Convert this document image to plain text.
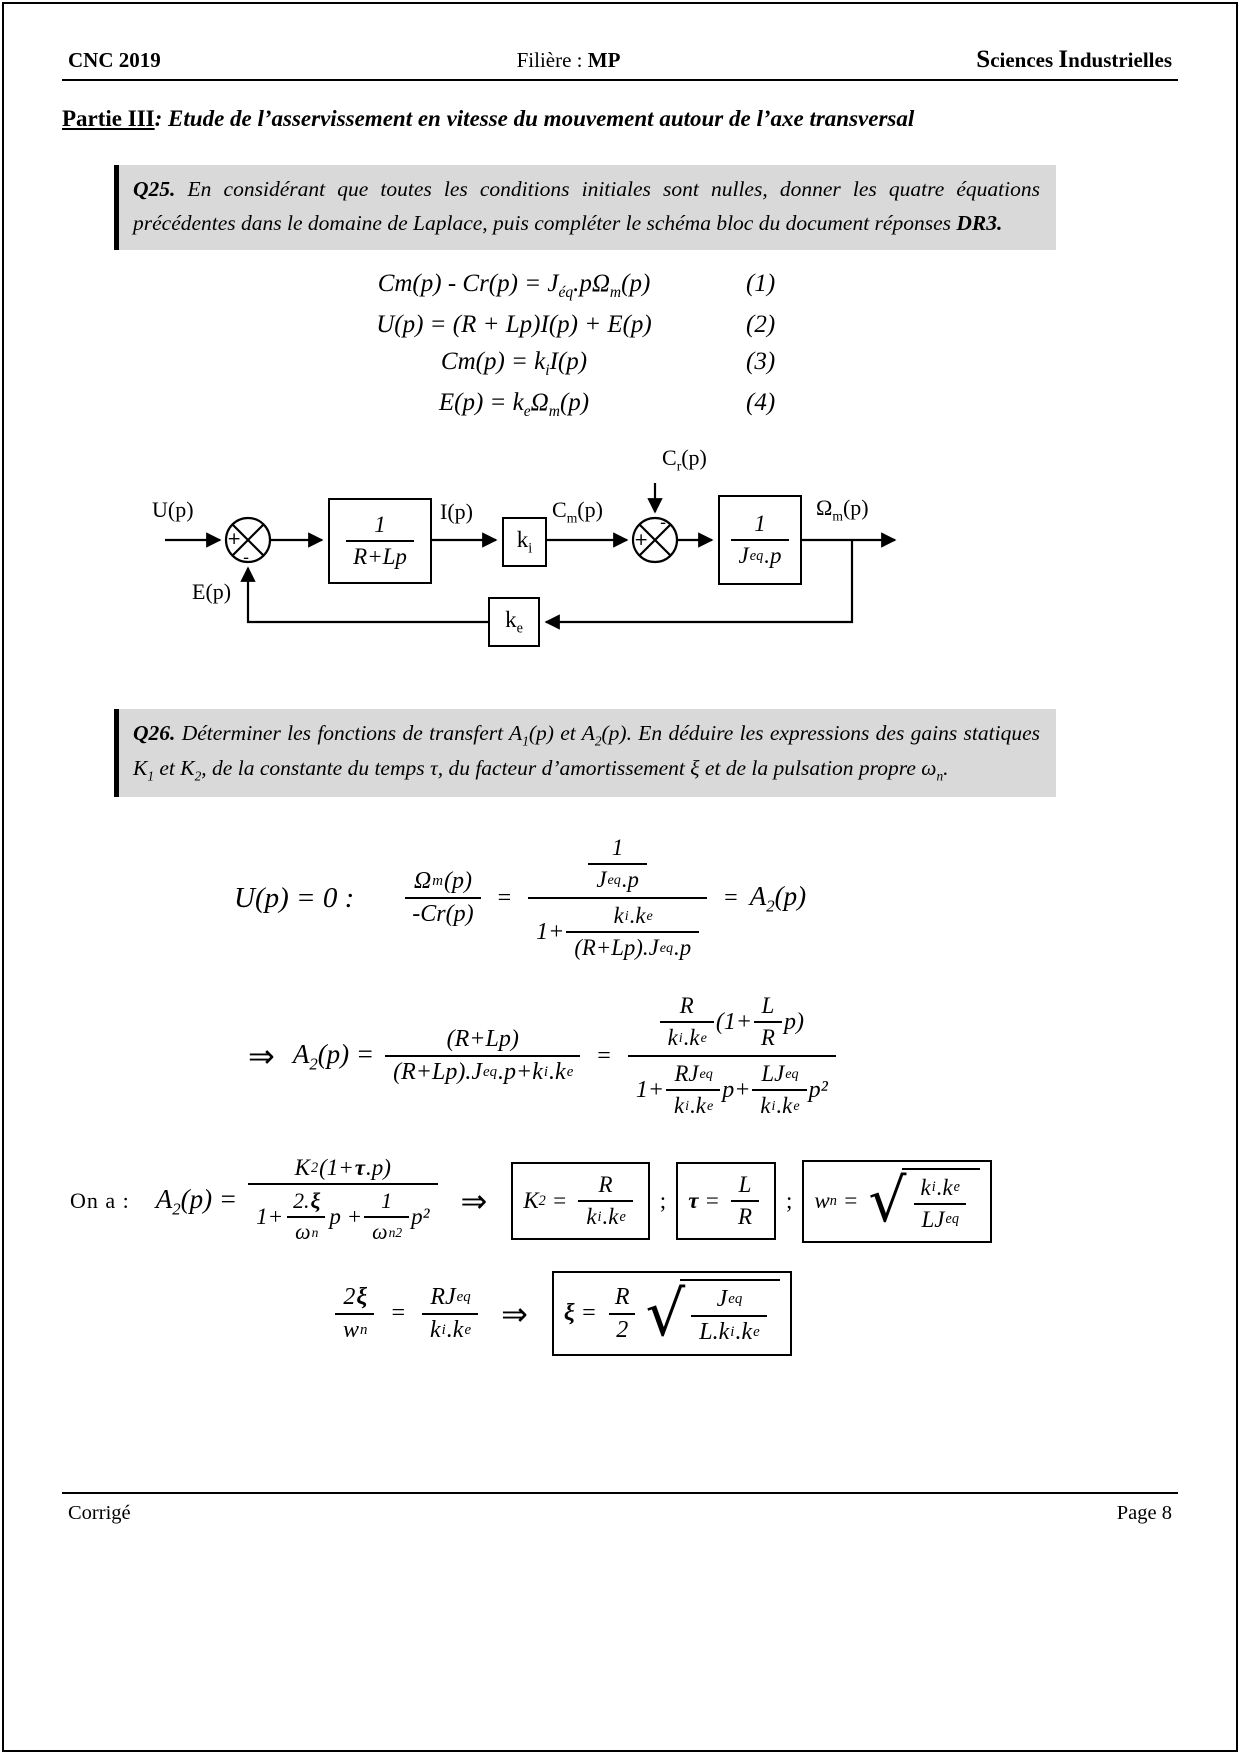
CNC 2019	Filière : MP	Sciences Industrielles
Partie III: Etude de l’asservissement en vitesse du mouvement autour de l’axe transversal
Q25. En considérant que toutes les conditions initiales sont nulles, donner les quatre équations précédentes dans le domaine de Laplace, puis compléter le schéma bloc du document réponses DR3.
$Cm(p) - Cr(p) = J_{éq}.p\Omega_m(p)$	(1)
U(p) = (R + Lp)I(p) + E(p)	(2)
$Cm(p) = k_iI(p)$	(3)
$E(p) = k_e\Omega_m(p)$	(4)
$\frac{1}{R+Lp}$	$k_i$	$\frac{1}{\text{J eq .p}}$
$k_e$
U(p)
E(p)
I(p)	$C_m(p)$
$C_r(p)$
$\Omega_m(p)$
+
-
+
-
Q26. Déterminer les fonctions de transfert $A_1(p)$ et $A_2(p)$. En déduire les expressions des gains statiques $K_1$ et $K_2$, de la constante du temps τ, du facteur d’amortissement ξ et de la pulsation propre $\omega_n$.
U(p) = 0 : $\frac{\text{Ω m (p)}}{-Cr(p)} = \frac{\frac{1}{\text{J eq .p}}}{1+ \frac{\text{k i .k e}}{\text{(R+Lp).J eq .p}}} = A_2(p)$
⇒ $A_2(p) = \frac{(R+Lp)}{\text{(R+Lp).J eq .p+k i .k e}} = \frac{\frac{R}{\text{k i .k e}} (1+ \frac{L}{R} p)}{1+ \frac{\text{RJ eq}}{\text{k i .k e}} p+ \frac{\text{LJ eq}}{\text{k i .k e}} p^2}$
On a : $A_2(p) = \frac{K 2 (1+ \tau .p)}{1+ \frac{2. \xi}{\text{ω n}} p + \frac{1}{\text{ω n 2}} p^2}$ ⇒ K $2 = \frac{R}{\text{k i .k e}}$ ; $\tau = \frac{L}{R}$ ; w n = √ $\frac{\text{k i .k e}}{\text{LJ eq}}$
$\frac{2 \xi}{\text{w n}} = \frac{\text{RJ eq}}{\text{k i .k e}}$ ⇒ $\xi = \frac{R}{2}$ √ $\frac{\text{J eq}}{\text{L.k i .k e}}$
Corrigé	Page 8
